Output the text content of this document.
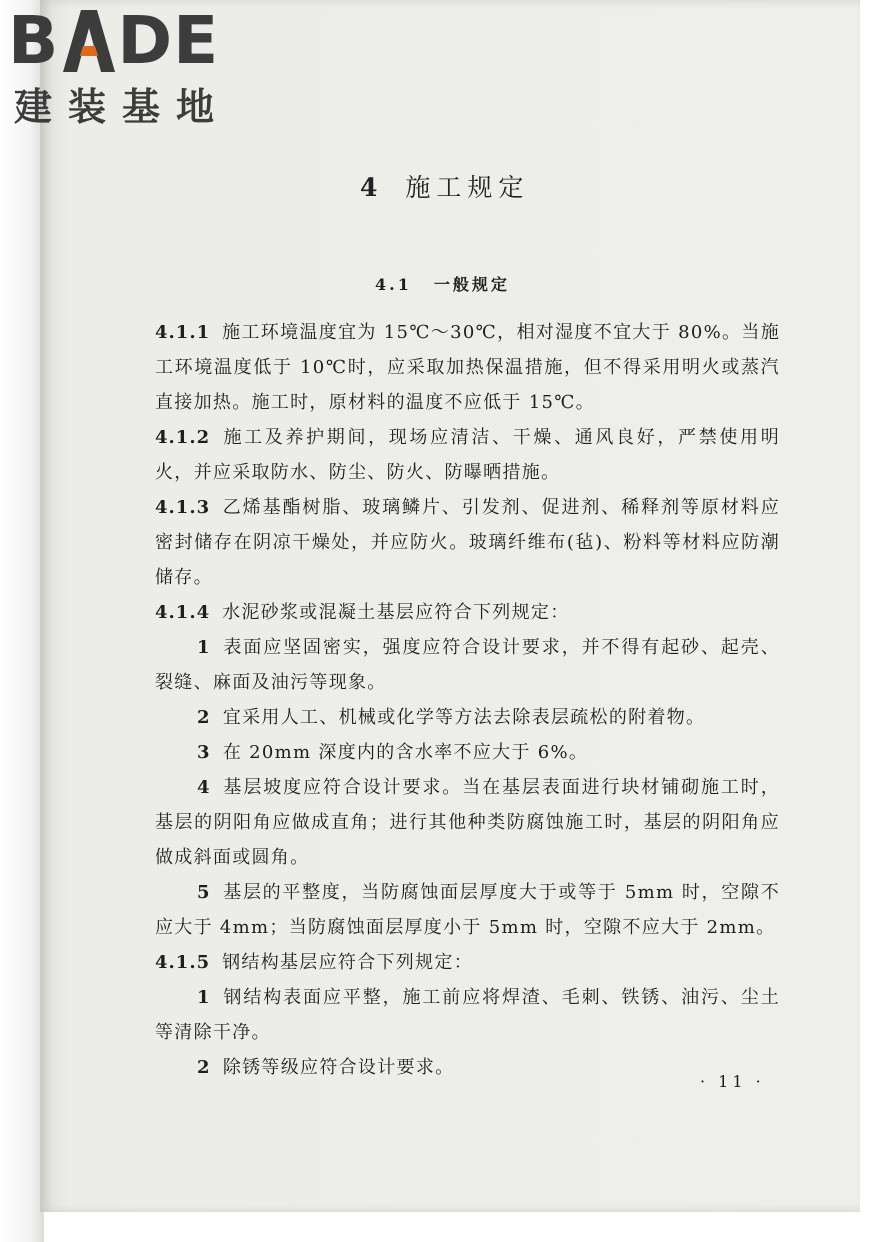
B DE
建装基地
4 施工规定
4.1 一般规定

4.1.1 施工环境温度宜为 15℃～30℃，相对湿度不宜大于 80%。当施工环境温度低于 10℃时，应采取加热保温措施，但不得采用明火或蒸汽直接加热。施工时，原材料的温度不应低于 15℃。

4.1.2 施工及养护期间，现场应清洁、干燥、通风良好，严禁使用明火，并应采取防水、防尘、防火、防曝晒措施。

4.1.3 乙烯基酯树脂、玻璃鳞片、引发剂、促进剂、稀释剂等原材料应密封储存在阴凉干燥处，并应防火。玻璃纤维布(毡)、粉料等材料应防潮储存。

4.1.4 水泥砂浆或混凝土基层应符合下列规定：

1 表面应坚固密实，强度应符合设计要求，并不得有起砂、起壳、裂缝、麻面及油污等现象。

2 宜采用人工、机械或化学等方法去除表层疏松的附着物。

3 在 20mm 深度内的含水率不应大于 6%。

4 基层坡度应符合设计要求。当在基层表面进行块材铺砌施工时，基层的阴阳角应做成直角；进行其他种类防腐蚀施工时，基层的阴阳角应做成斜面或圆角。

5 基层的平整度，当防腐蚀面层厚度大于或等于 5mm 时，空隙不应大于 4mm；当防腐蚀面层厚度小于 5mm 时，空隙不应大于 2mm。

4.1.5 钢结构基层应符合下列规定：

1 钢结构表面应平整，施工前应将焊渣、毛刺、铁锈、油污、尘土等清除干净。

2 除锈等级应符合设计要求。

· 11 ·
